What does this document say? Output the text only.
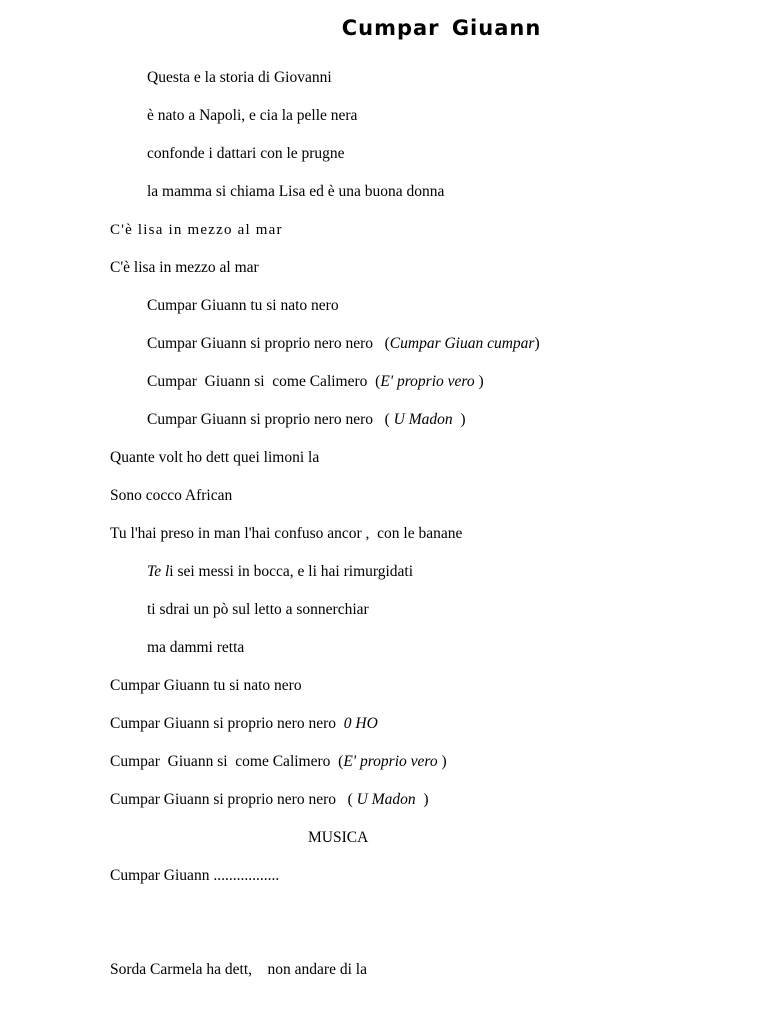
Cumpar Giuann
Questa e la storia di Giovanni
è nato a Napoli, e cia la pelle nera
confonde i dattari con le prugne
la mamma si chiama Lisa ed è una buona donna
C'è lisa in mezzo al mar
C'è lisa in mezzo al mar
Cumpar Giuann tu si nato nero
Cumpar Giuann si proprio nero nero   (Cumpar Giuan cumpar)
Cumpar  Giuann si  come Calimero  (E' proprio vero )
Cumpar Giuann si proprio nero nero   ( U Madon  )
Quante volt ho dett quei limoni la
Sono cocco African
Tu l'hai preso in man l'hai confuso ancor ,  con le banane
Te li sei messi in bocca, e li hai rimurgidati
ti sdrai un pò sul letto a sonnerchiar
ma dammi retta
Cumpar Giuann tu si nato nero
Cumpar Giuann si proprio nero nero  0 HO
Cumpar  Giuann si  come Calimero  (E' proprio vero )
Cumpar Giuann si proprio nero nero   ( U Madon  )
MUSICA
Cumpar Giuann .................
Sorda Carmela ha dett,    non andare di la
